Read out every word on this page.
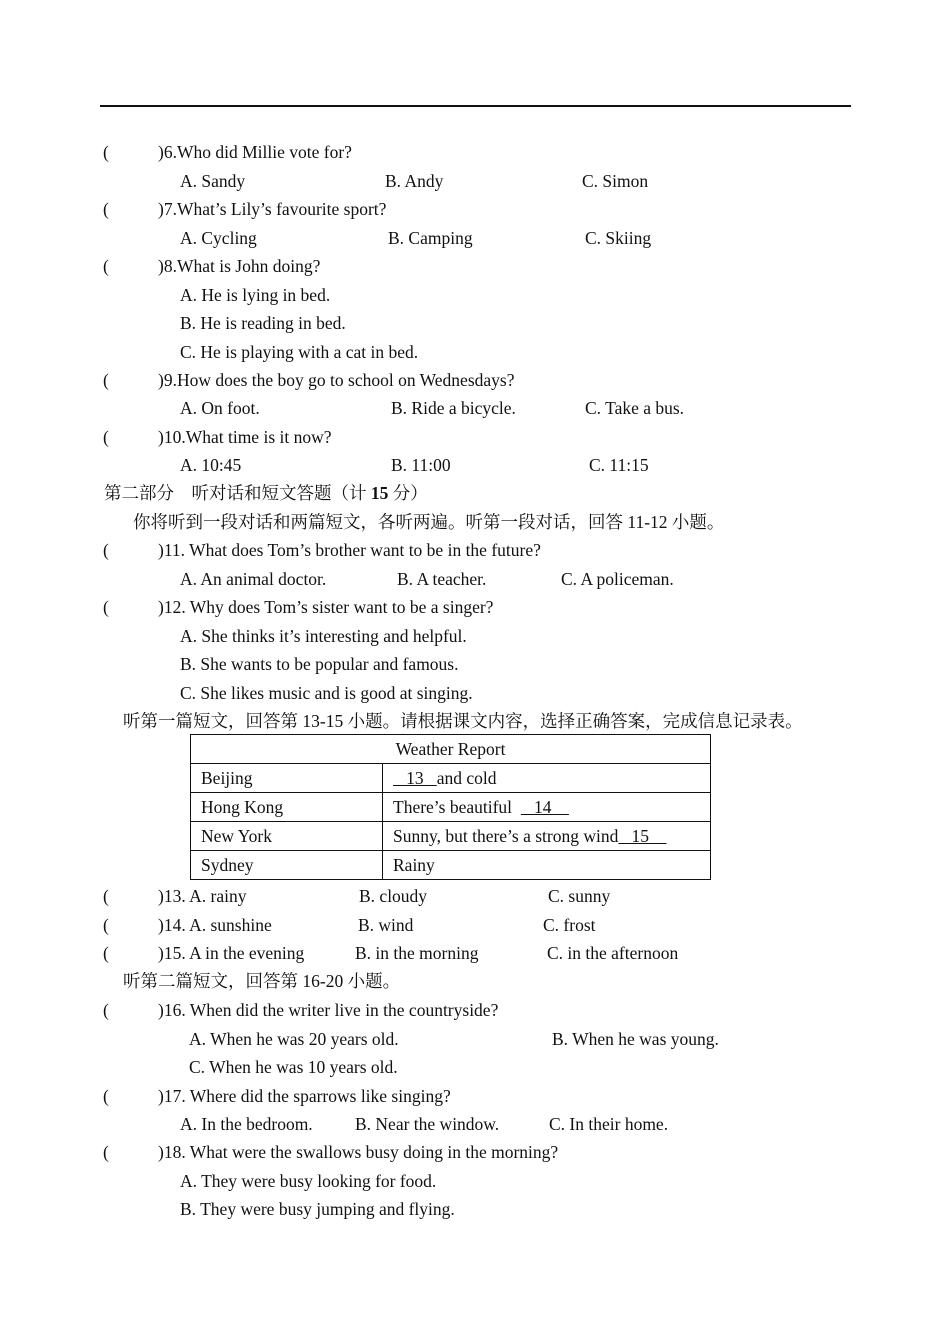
(	)6.Who did Millie vote for?
A. Sandy	B. Andy	C. Simon
(	)7.What’s Lily’s favourite sport?
A. Cycling	B. Camping	C. Skiing
(	)8.What is John doing?
A. He is lying in bed.
B. He is reading in bed.
C. He is playing with a cat in bed.
(	)9.How does the boy go to school on Wednesdays?
A. On foot.	B. Ride a bicycle.	C. Take a bus.
(	)10.What time is it now?
A. 10:45	B. 11:00	C. 11:15
第二部分　听对话和短文答题（计 15 分）
你将听到一段对话和两篇短文，各听两遍。听第一段对话，回答 11-12 小题。
(	)11. What does Tom’s brother want to be in the future?
A. An animal doctor.	B. A teacher.	C. A policeman.
(	)12. Why does Tom’s sister want to be a singer?
A. She thinks it’s interesting and helpful.
B. She wants to be popular and famous.
C. She likes music and is good at singing.
听第一篇短文，回答第 13-15 小题。请根据课文内容，选择正确答案，完成信息记录表。
Weather Report	
Beijing	13   and cold
Hong Kong	There’s beautiful     14
New York	Sunny, but there’s a strong wind   15
Sydney	Rainy
(	)13. A. rainy	B. cloudy	C. sunny
(	)14. A. sunshine	B. wind	C. frost
(	)15. A in the evening	B. in the morning	C. in the afternoon
听第二篇短文，回答第 16-20 小题。
(	)16. When did the writer live in the countryside?
A. When he was 20 years old.	B. When he was young.
C. When he was 10 years old.
(	)17. Where did the sparrows like singing?
A. In the bedroom. B. Near the window.	C. In their home.
(	)18. What were the swallows busy doing in the morning?
A. They were busy looking for food.
B. They were busy jumping and flying.
